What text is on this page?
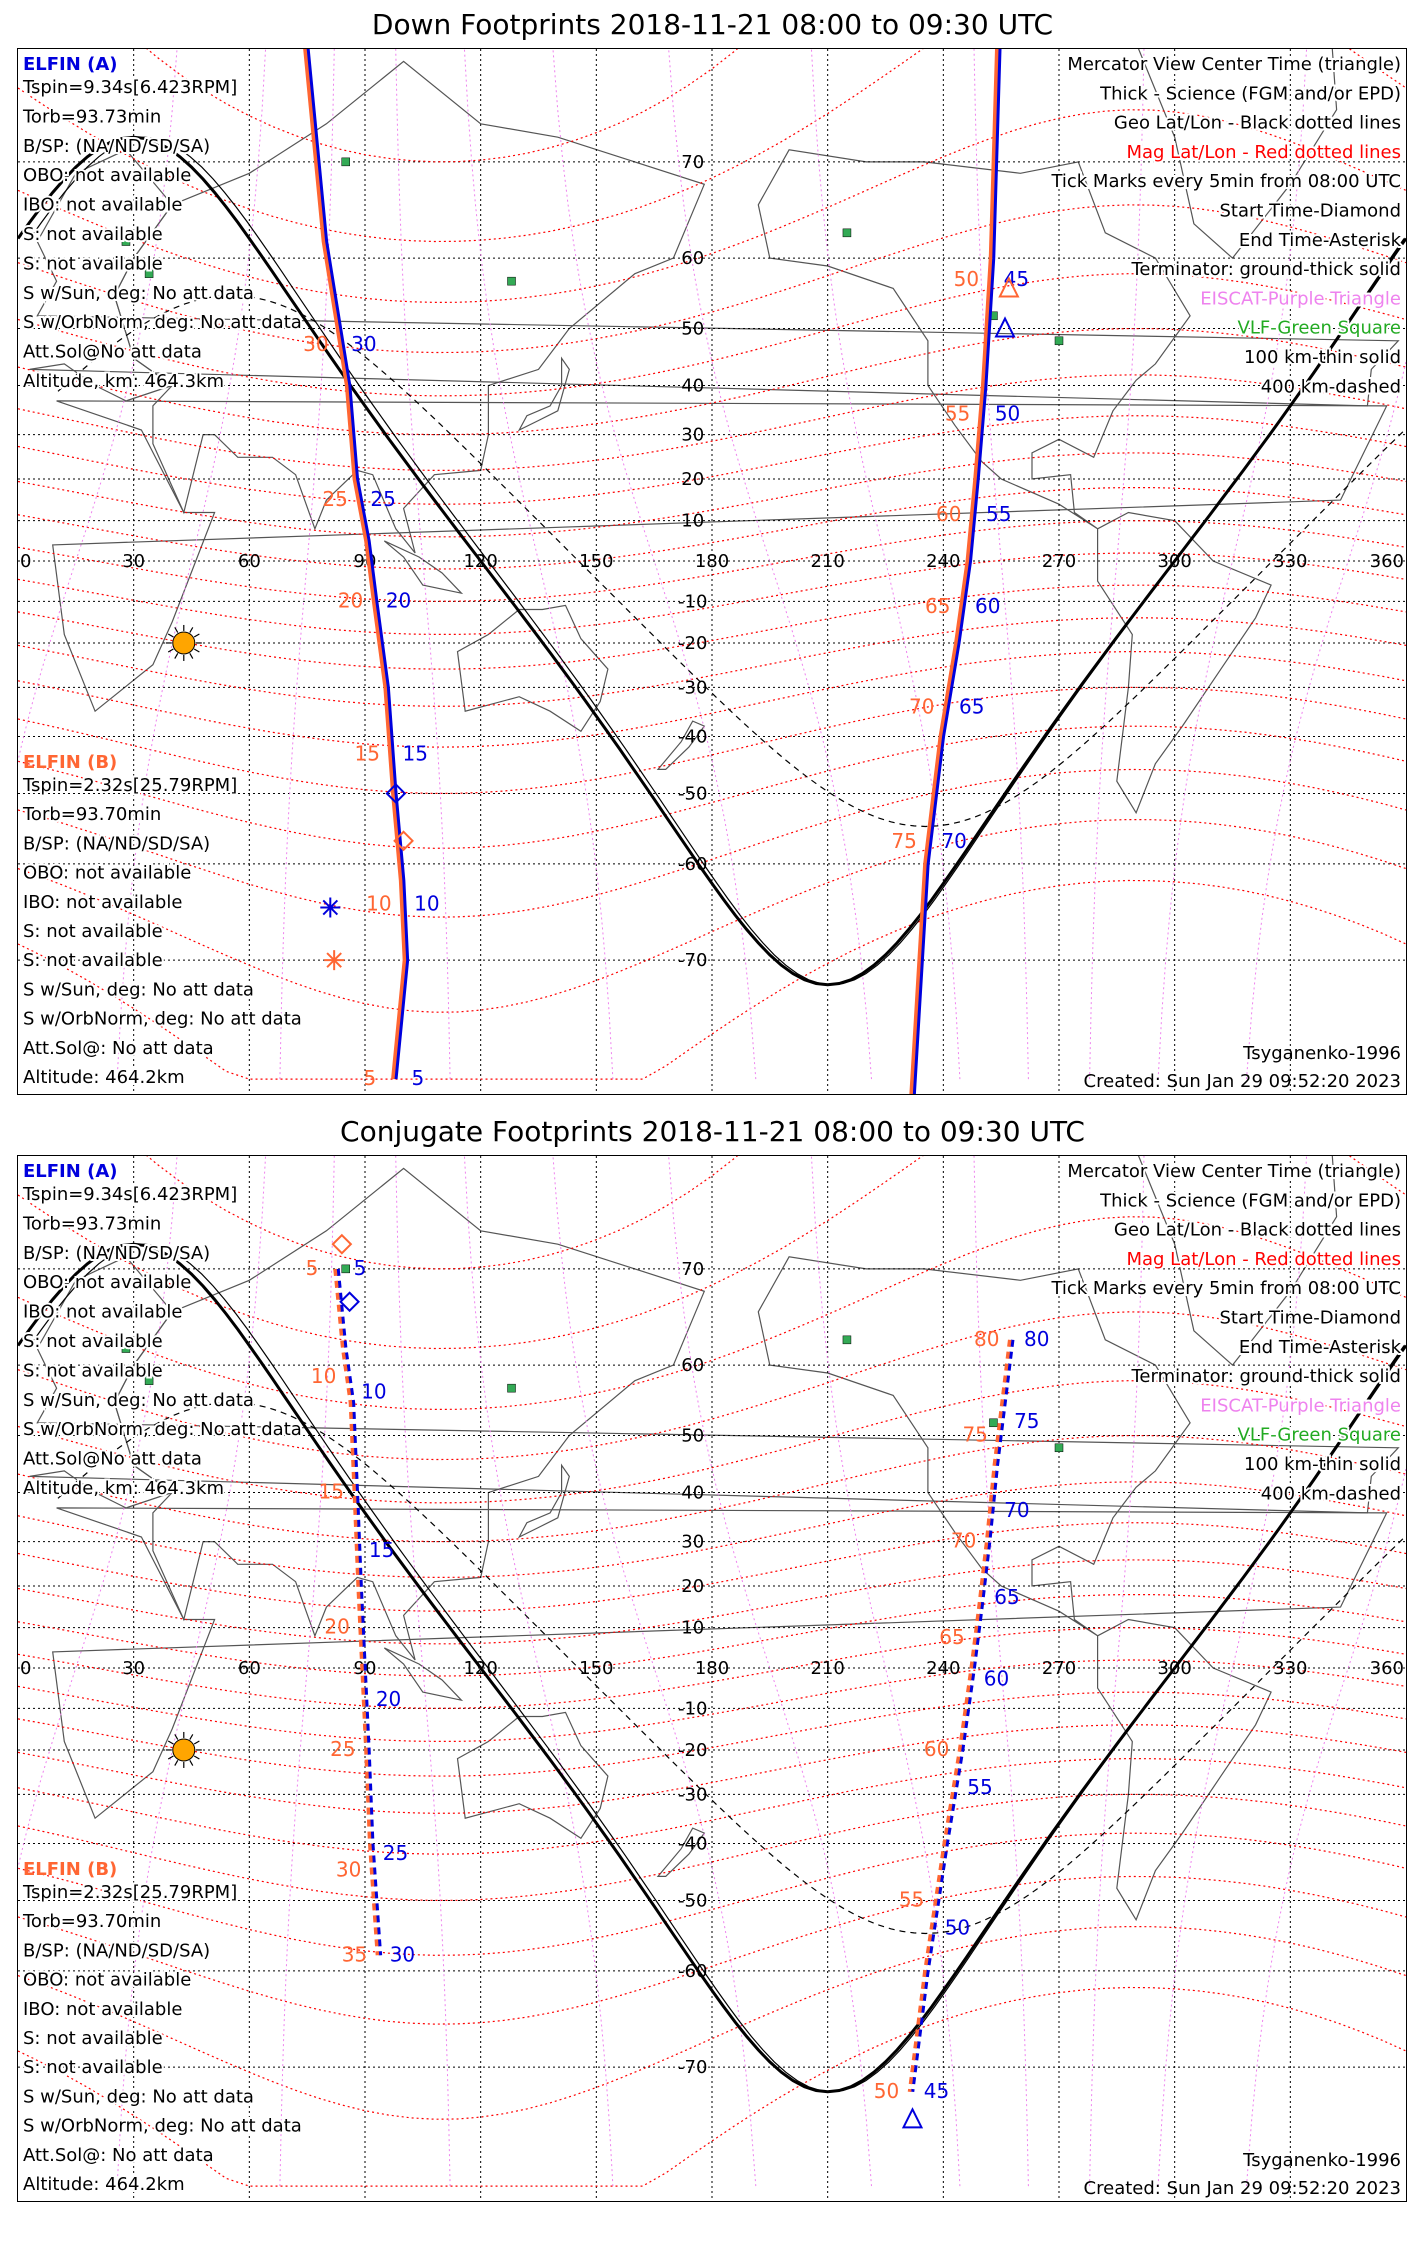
Down Footprints 2018-11-21 08:00 to 09:30 UTC
0	30	60	90	120	150	180	210	240	270	300	330	360
70
60
50
40
30
20
10
-10
-20
-30
-40
-50
-60
-70
30
25
20
15
10
5
30
25
20
15
10
5
45
50
55
60
65
70
50
55
60
65
70
75
ELFIN (A)
Tspin=9.34s[6.423RPM]
Torb=93.73min
B/SP: (NA/ND/SD/SA)
OBO: not available
IBO: not available
S: not available
S: not available
S w/Sun, deg: No att data
S w/OrbNorm, deg: No att data
Att.Sol@No att data
Altitude, km: 464.3km
ELFIN (B)
Tspin=2.32s[25.79RPM]
Torb=93.70min
B/SP: (NA/ND/SD/SA)
OBO: not available
IBO: not available
S: not available
S: not available
S w/Sun, deg: No att data
S w/OrbNorm, deg: No att data
Att.Sol@: No att data
Altitude: 464.2km
Mercator View Center Time (triangle)
Thick - Science (FGM and/or EPD)
Geo Lat/Lon - Black dotted lines
Mag Lat/Lon - Red dotted lines
Tick Marks every 5min from 08:00 UTC
Start Time-Diamond
End Time-Asterisk
Terminator: ground-thick solid
EISCAT-Purple Triangle
VLF-Green Square
100 km-thin solid
400 km-dashed
Tsyganenko-1996
Created: Sun Jan 29 09:52:20 2023
Conjugate Footprints 2018-11-21 08:00 to 09:30 UTC
0	30	60	90	120	150	180	210	240	270	300	330	360
70
60
50
40
30
20
10
-10
-20
-30
-40
-50
-60
-70
5
10
15
20
25
30
5
10
15
20
25
30
35
80
75
70
65
60
55
50
45
80
75
70
65
60
55
50
ELFIN (A)
Tspin=9.34s[6.423RPM]
Torb=93.73min
B/SP: (NA/ND/SD/SA)
OBO: not available
IBO: not available
S: not available
S: not available
S w/Sun, deg: No att data
S w/OrbNorm, deg: No att data
Att.Sol@No att data
Altitude, km: 464.3km
ELFIN (B)
Tspin=2.32s[25.79RPM]
Torb=93.70min
B/SP: (NA/ND/SD/SA)
OBO: not available
IBO: not available
S: not available
S: not available
S w/Sun, deg: No att data
S w/OrbNorm, deg: No att data
Att.Sol@: No att data
Altitude: 464.2km
Mercator View Center Time (triangle)
Thick - Science (FGM and/or EPD)
Geo Lat/Lon - Black dotted lines
Mag Lat/Lon - Red dotted lines
Tick Marks every 5min from 08:00 UTC
Start Time-Diamond
End Time-Asterisk
Terminator: ground-thick solid
EISCAT-Purple Triangle
VLF-Green Square
100 km-thin solid
400 km-dashed
Tsyganenko-1996
Created: Sun Jan 29 09:52:20 2023
